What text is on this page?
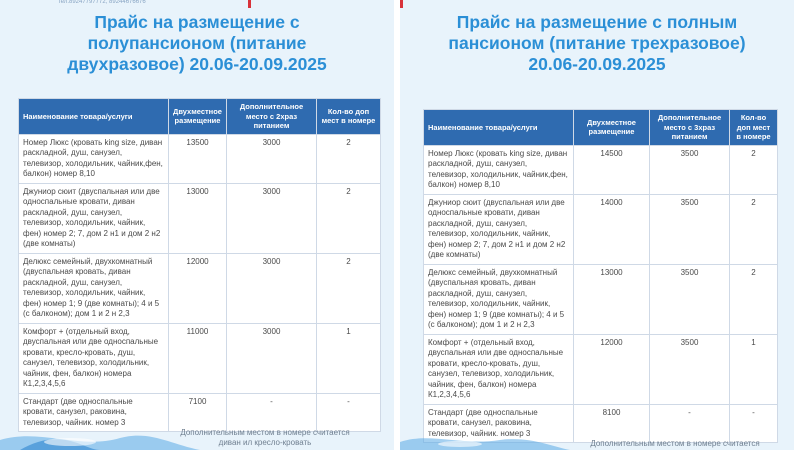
тел.89247797772, 89244676676
Прайс на размещение с
полупансионом (питание
двухразовое) 20.06-20.09.2025
Наименование товара/услуги	Двухместное размещение	Дополнительное место с 2храз питанием	Кол-во доп мест в номере
Номер Люкс (кровать king size, диван раскладной, душ, санузел, телевизор, холодильник, чайник,фен, балкон) номер 8,10	13500	3000	2
Джуниор сюит (двуспальная или две односпальные кровати, диван раскладной, душ, санузел, телевизор, холодильник, чайник, фен) номер 2; 7, дом 2 н1 и дом 2 н2 (две комнаты)	13000	3000	2
Делюкс семейный, двухкомнатный (двуспальная кровать, диван раскладной, душ, санузел, телевизор, холодильник, чайник, фен) номер 1; 9 (две комнаты); 4 и 5 (с балконом); дом 1 и 2 н 2,3	12000	3000	2
Комфорт + (отдельный вход, двуспальная или две односпальные кровати, кресло-кровать, душ, санузел, телевизор, холодильник, чайник, фен, балкон) номера К1,2,3,4,5,6	11000	3000	1
Стандарт (две односпальные кровати, санузел, раковина, телевизор, чайник. номер 3	7100	-	-
Дополнительным местом в номере считается
диван ил кресло-кровать
Прайс на размещение с полным
пансионом (питание трехразовое)
20.06-20.09.2025
Наименование товара/услуги	Двухместное размещение	Дополнительное место с 3храз питанием	Кол-во доп мест в номере
Номер Люкс (кровать king size, диван раскладной, душ, санузел, телевизор, холодильник, чайник,фен, балкон) номер 8,10	14500	3500	2
Джуниор сюит (двуспальная или две односпальные кровати, диван раскладной, душ, санузел, телевизор, холодильник, чайник, фен) номер 2; 7, дом 2 н1 и дом 2 н2 (две комнаты)	14000	3500	2
Делюкс семейный, двухкомнатный (двуспальная кровать, диван раскладной, душ, санузел, телевизор, холодильник, чайник, фен) номер 1; 9 (две комнаты); 4 и 5 (с балконом); дом 1 и 2 н 2,3	13000	3500	2
Комфорт + (отдельный вход, двуспальная или две односпальные кровати, кресло-кровать, душ, санузел, телевизор, холодильник, чайник, фен, балкон) номера К1,2,3,4,5,6	12000	3500	1
Стандарт (две односпальные кровати, санузел, раковина, телевизор, чайник. номер 3	8100	-	-
Дополнительным местом в номере считается
